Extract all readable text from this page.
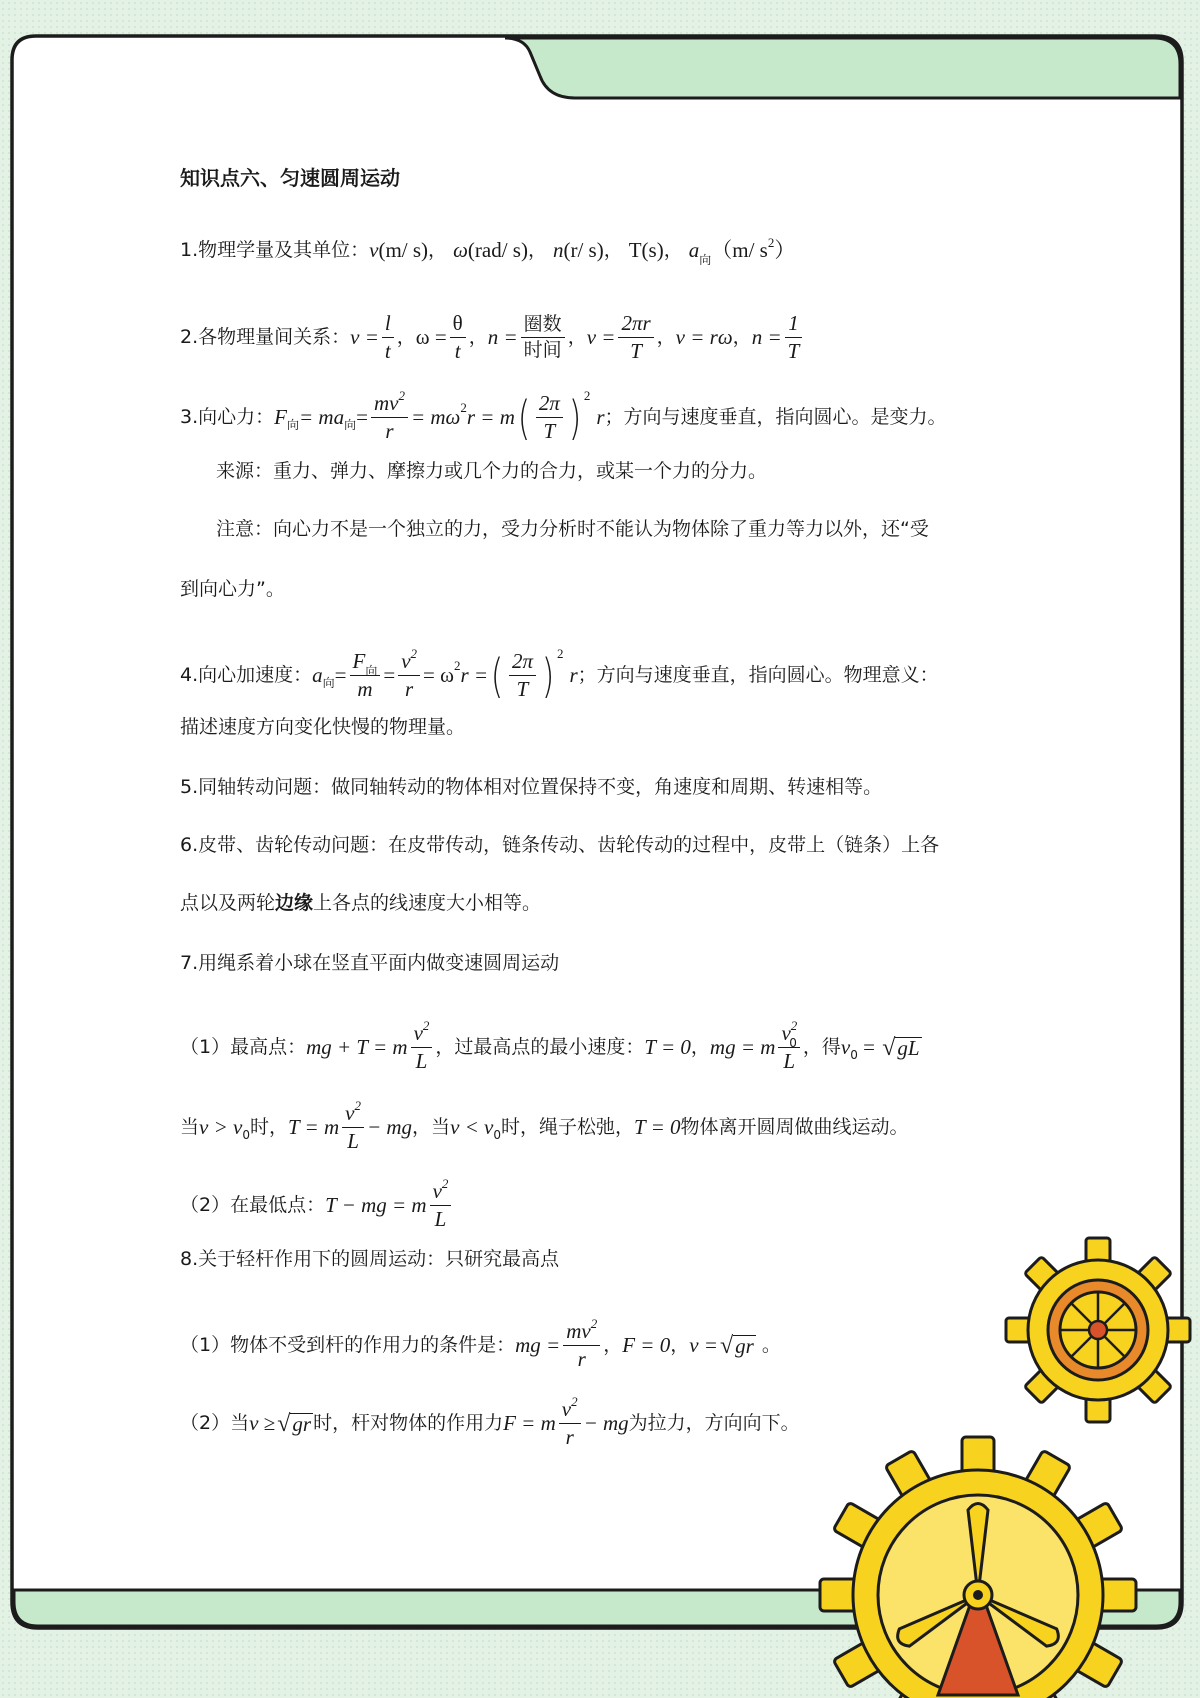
知识点六、匀速圆周运动
1.物理学量及其单位： v(m/ s) ， ω(rad/ s) ， n(r/ s) ， T(s) ， $a_向(m/$ $s^2$）
2.各物理量间关系： $v = \frac{l}{t}$ ， $\omega = \frac{\theta}{t}$ ， $n = \frac{\text{圈数}}{\text{时间}}$ ， $v = \frac{2\pi r}{T}$ ， v = rω ， $n = \frac{1}{T}$
3.向心力： F 向 = ma 向 = $\frac{mv^2}{r} = m\omega$ 2 r = m ( $\frac{2\pi}{T}$ ) 2
r ；方向与速度垂直，指向圆心。是变力。
来源：重力、弹力、摩擦力或几个力的合力，或某一个力的分力。
注意：向心力不是一个独立的力，受力分析时不能认为物体除了重力等力以外，还“受
到向心力”。
4.向心加速度： a 向 = $\frac{F_向}{m} = \frac{v^2}{r} = \omega$ 2 r = ( $\frac{2\pi}{T}$ ) 2
r ；方向与速度垂直，指向圆心。物理意义：
描述速度方向变化快慢的物理量。
5.同轴转动问题：做同轴转动的物体相对位置保持不变，角速度和周期、转速相等。
6.皮带、齿轮传动问题：在皮带传动，链条传动、齿轮传动的过程中，皮带上（链条）上各
点以及两轮 边缘 上各点的线速度大小相等。
7.用绳系着小球在竖直平面内做变速圆周运动
（1）最高点： mg + T = m $\frac{v^2}{L}$ ，过最高点的最小速度： T = 0 ， mg = m $\frac{v^2_0}{L}$ ，得 v 0 = √ gL
当 v > v 0 时， T = m $\frac{v^2}{L}$ − mg ，当 v < v 0 时，绳子松弛， T = 0 物体离开圆周做曲线运动。
（2）在最低点： T − mg = m $\frac{v^2}{L}$
8.关于轻杆作用下的圆周运动：只研究最高点
（1）物体不受到杆的作用力的条件是： mg = $\frac{mv^2}{r}$ ， F = 0 ， v = √ gr 。
（2）当 v ≥ √ gr 时，杆对物体的作用力 F = m $\frac{v^2}{r}$ − mg 为拉力，方向向下。
